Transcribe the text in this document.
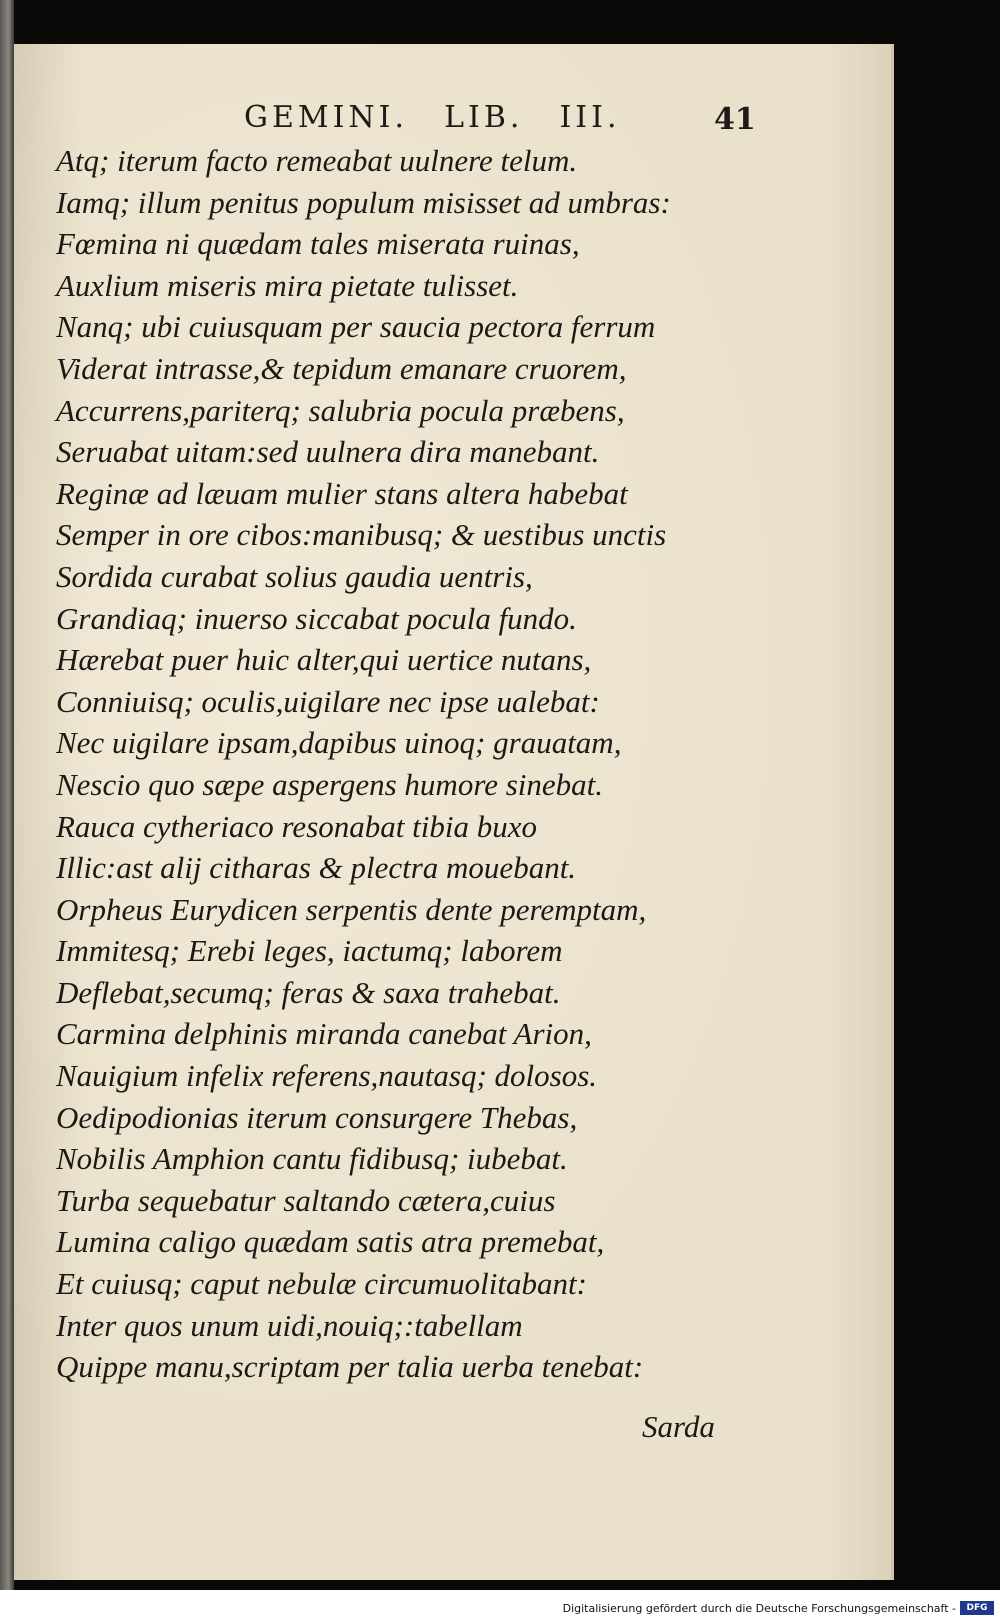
GEMINI. LIB. III.	41
Atq; iterum facto remeabat uulnere telum.
Iamq; illum penitus populum misisset ad umbras:
Fœmina ni quædam tales miserata ruinas,
Auxlium miseris mira pietate tulisset.
Nanq; ubi cuiusquam per saucia pectora ferrum
Viderat intrasse,& tepidum emanare cruorem,
Accurrens,pariterq; salubria pocula præbens,
Seruabat uitam:sed uulnera dira manebant.
Reginæ ad læuam mulier stans altera habebat
Semper in ore cibos:manibusq; & uestibus unctis
Sordida curabat solius gaudia uentris,
Grandiaq; inuerso siccabat pocula fundo.
Hærebat puer huic alter,qui uertice nutans,
Conniuisq; oculis,uigilare nec ipse ualebat:
Nec uigilare ipsam,dapibus uinoq; grauatam,
Nescio quo sæpe aspergens humore sinebat.
Rauca cytheriaco resonabat tibia buxo
Illic:ast alij citharas & plectra mouebant.
Orpheus Eurydicen serpentis dente peremptam,
Immitesq; Erebi leges, iactumq; laborem
Deflebat,secumq; feras & saxa trahebat.
Carmina delphinis miranda canebat Arion,
Nauigium infelix referens,nautasq; dolosos.
Oedipodionias iterum consurgere Thebas,
Nobilis Amphion cantu fidibusq; iubebat.
Turba sequebatur saltando cætera,cuius
Lumina caligo quædam satis atra premebat,
Et cuiusq; caput nebulæ circumuolitabant:
Inter quos unum uidi,nouiq;:tabellam
Quippe manu,scriptam per talia uerba tenebat:
Sarda
Digitalisierung gefördert durch die Deutsche Forschungsgemeinschaft -	DFG
